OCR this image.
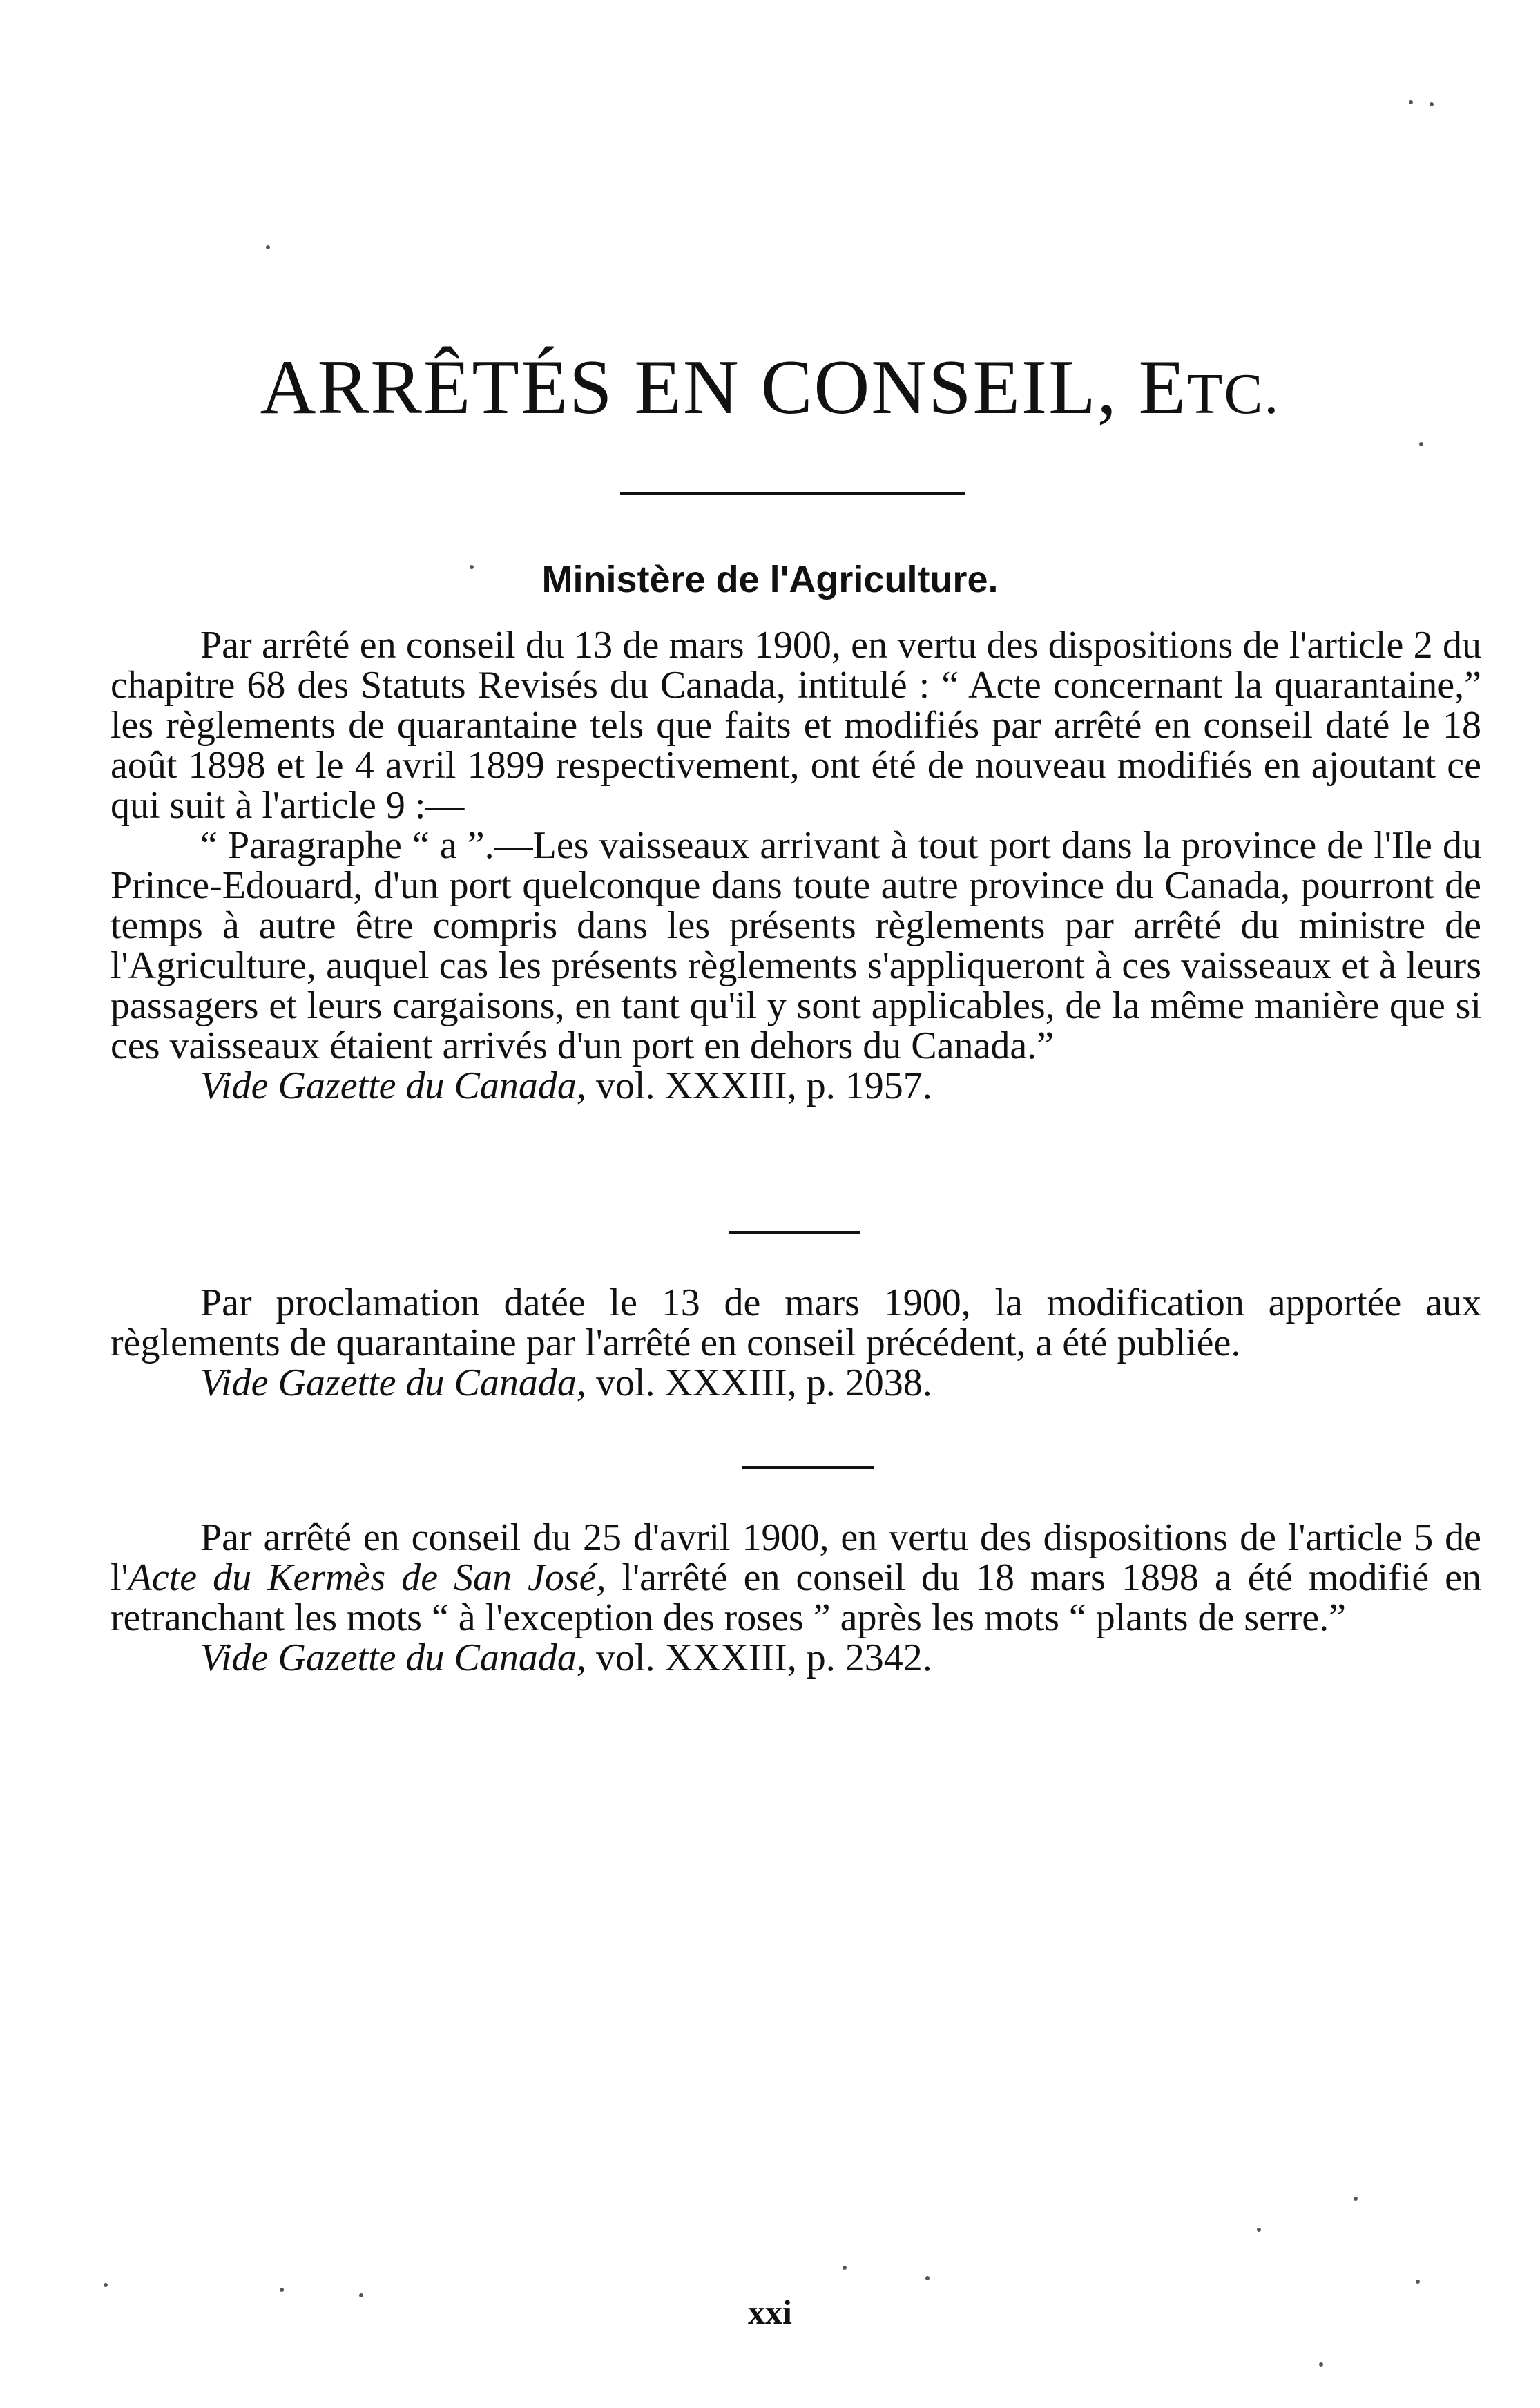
ARRÊTÉS EN CONSEIL, ETC.
Ministère de l'Agriculture.

Par arrêté en conseil du 13 de mars 1900, en vertu des dispositions de l'article 2 du chapitre 68 des Statuts Revisés du Canada, intitulé : “ Acte concernant la quarantaine,” les règlements de quarantaine tels que faits et modifiés par arrêté en conseil daté le 18 août 1898 et le 4 avril 1899 respectivement, ont été de nouveau modifiés en ajoutant ce qui suit à l'article 9 :—

“ Paragraphe “ a ”.—Les vaisseaux arrivant à tout port dans la province de l'Ile du Prince-Edouard, d'un port quelconque dans toute autre province du Canada, pourront de temps à autre être compris dans les présents règlements par arrêté du ministre de l'Agriculture, auquel cas les présents règlements s'appliqueront à ces vaisseaux et à leurs passagers et leurs cargaisons, en tant qu'il y sont applicables, de la même manière que si ces vaisseaux étaient arrivés d'un port en dehors du Canada.”

Vide Gazette du Canada, vol. XXXIII, p. 1957.

Par proclamation datée le 13 de mars 1900, la modification apportée aux règlements de quarantaine par l'arrêté en conseil précédent, a été publiée.

Vide Gazette du Canada, vol. XXXIII, p. 2038.

Par arrêté en conseil du 25 d'avril 1900, en vertu des dispositions de l'article 5 de l'Acte du Kermès de San José, l'arrêté en conseil du 18 mars 1898 a été modifié en retranchant les mots “ à l'exception des roses ” après les mots “ plants de serre.”

Vide Gazette du Canada, vol. XXXIII, p. 2342.

xxi
